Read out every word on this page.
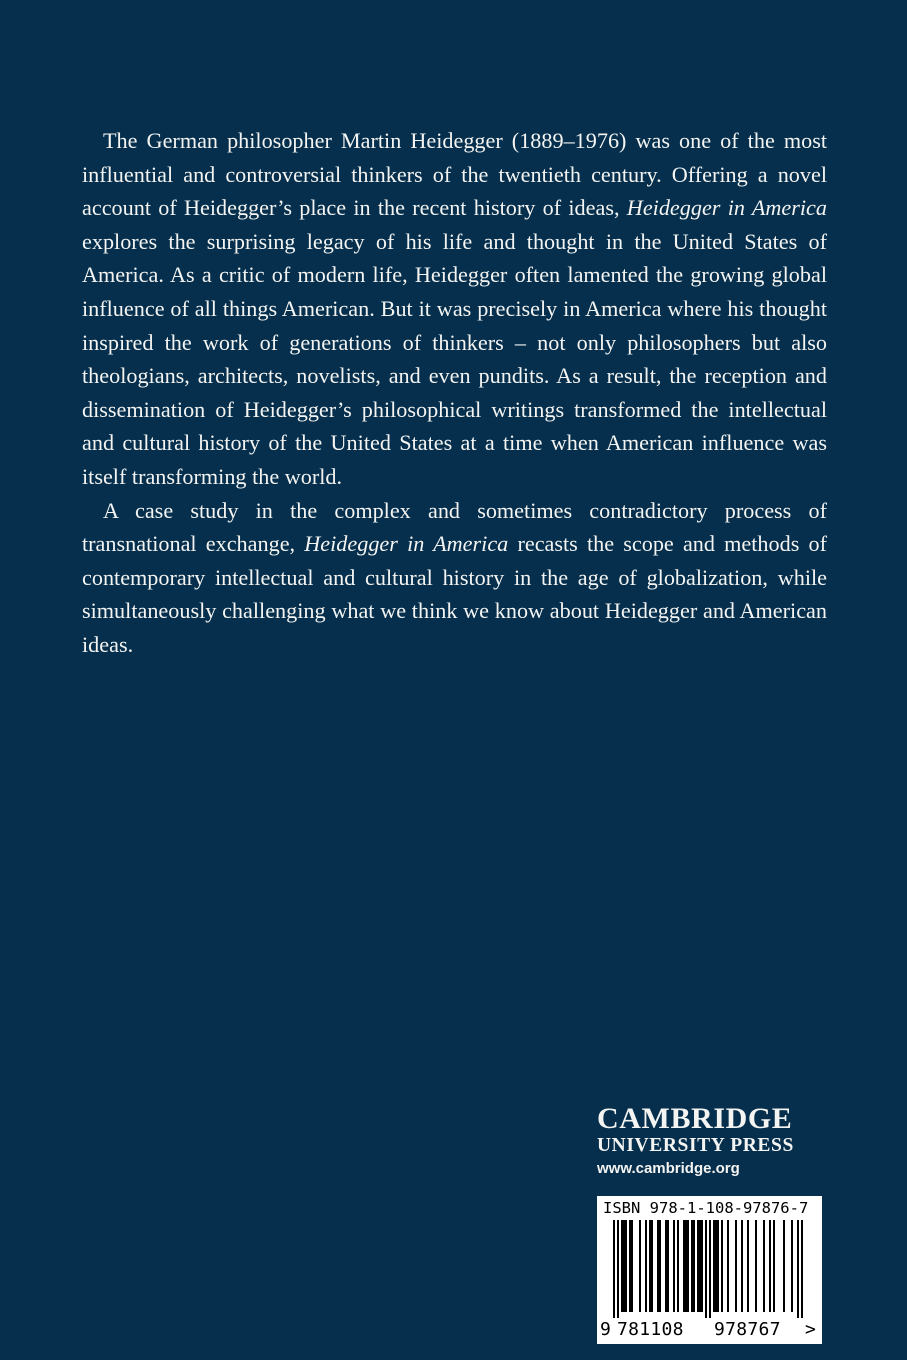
The German philosopher Martin Heidegger (1889–1976) was one of the most influential and controversial thinkers of the twentieth century. Offering a novel account of Heidegger’s place in the recent history of ideas, Heidegger in America explores the surprising legacy of his life and thought in the United States of America. As a critic of modern life, Heidegger often lamented the growing global influence of all things American. But it was precisely in America where his thought inspired the work of generations of thinkers – not only philosophers but also theologians, architects, novelists, and even pundits. As a result, the reception and dissemination of Heidegger’s philosophical writings transformed the intellectual and cultural history of the United States at a time when American influence was itself transforming the world.

A case study in the complex and sometimes contradictory process of transnational exchange, Heidegger in America recasts the scope and methods of contemporary intellectual and cultural history in the age of globalization, while simultaneously challenging what we think we know about Heidegger and American ideas.

CAMBRIDGE
UNIVERSITY PRESS
www.cambridge.org
ISBN 978-1-108-97876-7
9 781108 978767 >
